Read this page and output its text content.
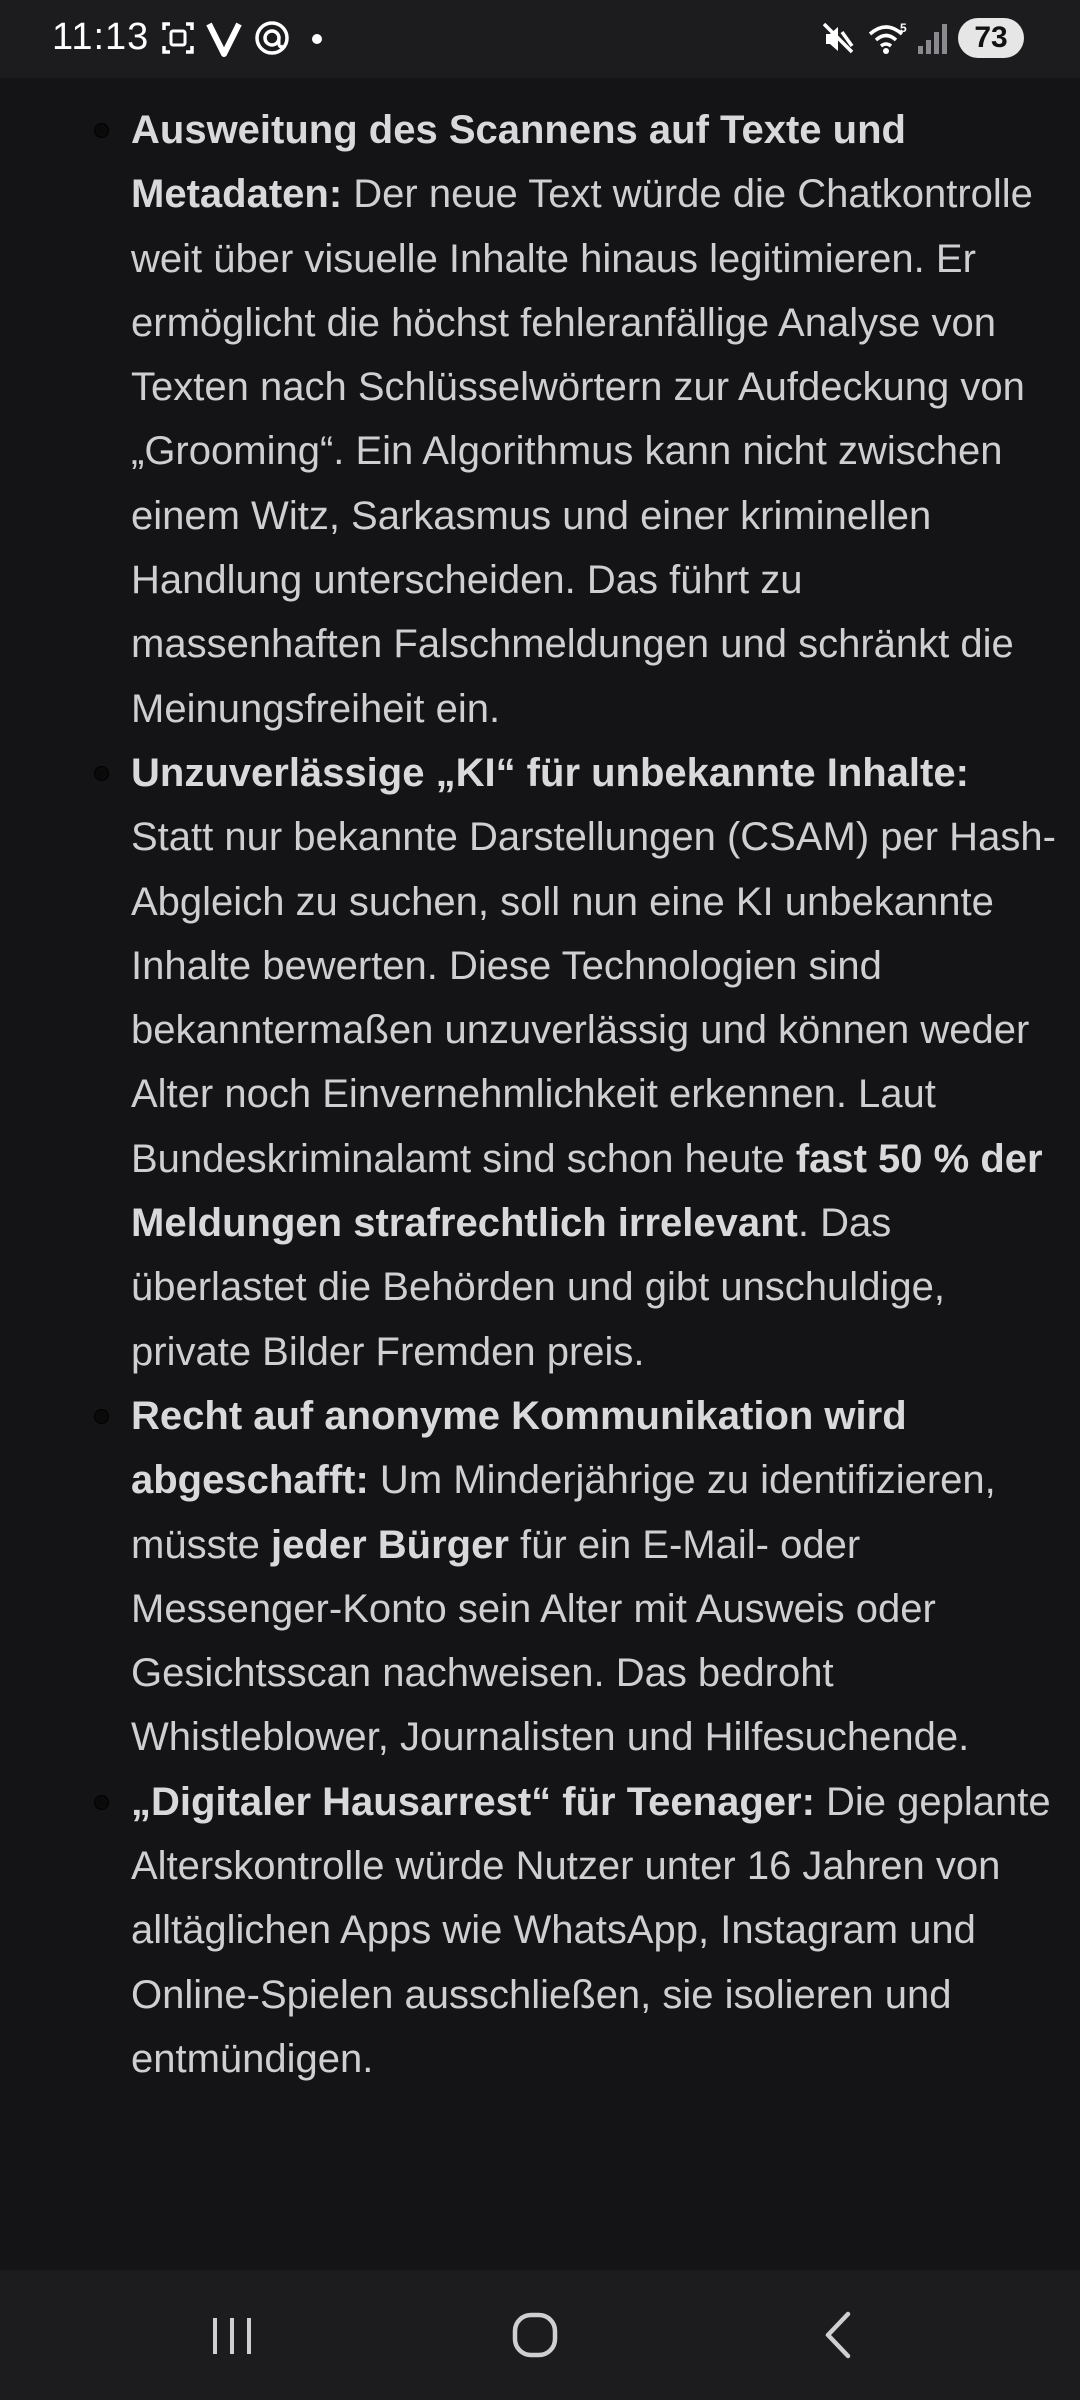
11:13	5	73
Ausweitung des Scannens auf Texte und Metadaten: Der neue Text würde die Chatkontrolle weit über visuelle Inhalte hinaus legitimieren. Er ermöglicht die höchst fehleranfällige Analyse von Texten nach Schlüsselwörtern zur Aufdeckung von „Grooming“. Ein Algorithmus kann nicht zwischen einem Witz, Sarkasmus und einer kriminellen Handlung unterscheiden. Das führt zu massenhaften Falschmeldungen und schränkt die Meinungsfreiheit ein.
Unzuverlässige „KI“ für unbekannte Inhalte: Statt nur bekannte Darstellungen (CSAM) per Hash-Abgleich zu suchen, soll nun eine KI unbekannte Inhalte bewerten. Diese Technologien sind bekanntermaßen unzuverlässig und können weder Alter noch Einvernehmlichkeit erkennen. Laut Bundeskriminalamt sind schon heute fast 50 % der Meldungen strafrechtlich irrelevant. Das überlastet die Behörden und gibt unschuldige, private Bilder Fremden preis.
Recht auf anonyme Kommunikation wird abgeschafft: Um Minderjährige zu identifizieren, müsste jeder Bürger für ein E-Mail- oder Messenger-Konto sein Alter mit Ausweis oder Gesichtsscan nachweisen. Das bedroht Whistleblower, Journalisten und Hilfesuchende.
„Digitaler Hausarrest“ für Teenager: Die geplante Alterskontrolle würde Nutzer unter 16 Jahren von alltäglichen Apps wie WhatsApp, Instagram und Online-Spielen ausschließen, sie isolieren und entmündigen.
